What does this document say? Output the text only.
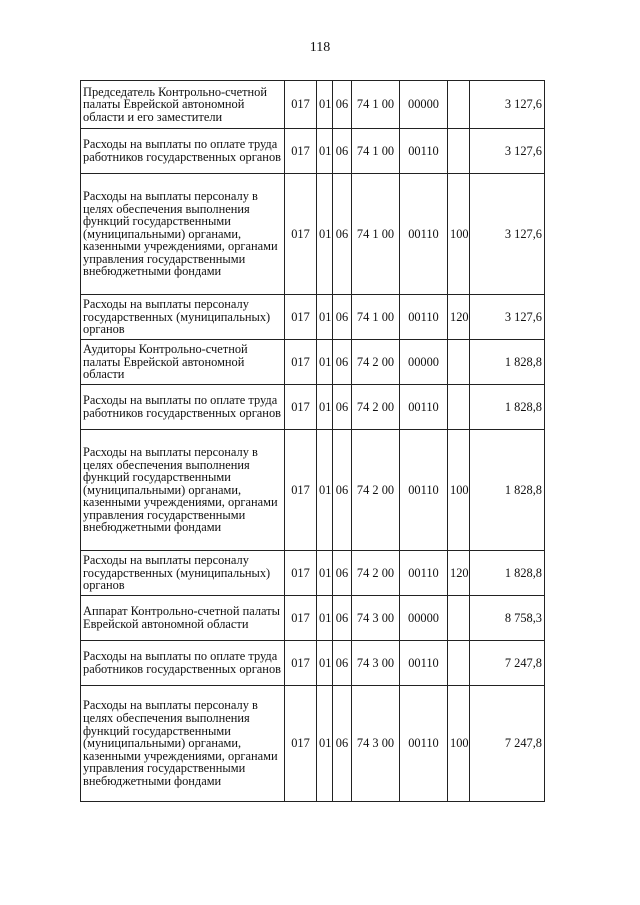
118
Председатель Контрольно-счетной палаты Еврейской автономной области и его заместители	017	01	06	74 1 00	00000		3 127,6
Расходы на выплаты по оплате труда работников государственных органов	017	01	06	74 1 00	00110		3 127,6
Расходы на выплаты персоналу в целях обеспечения выполнения функций государственными (муниципальными) органами, казенными учреждениями, органами управления государственными внебюджетными фондами	017	01	06	74 1 00	00110	100	3 127,6
Расходы на выплаты персоналу государственных (муниципальных) органов	017	01	06	74 1 00	00110	120	3 127,6
Аудиторы Контрольно-счетной палаты Еврейской автономной области	017	01	06	74 2 00	00000		1 828,8
Расходы на выплаты по оплате труда работников государственных органов	017	01	06	74 2 00	00110		1 828,8
Расходы на выплаты персоналу в целях обеспечения выполнения функций государственными (муниципальными) органами, казенными учреждениями, органами управления государственными внебюджетными фондами	017	01	06	74 2 00	00110	100	1 828,8
Расходы на выплаты персоналу государственных (муниципальных) органов	017	01	06	74 2 00	00110	120	1 828,8
Аппарат Контрольно-счетной палаты Еврейской автономной области	017	01	06	74 3 00	00000		8 758,3
Расходы на выплаты по оплате труда работников государственных органов	017	01	06	74 3 00	00110		7 247,8
Расходы на выплаты персоналу в целях обеспечения выполнения функций государственными (муниципальными) органами, казенными учреждениями, органами управления государственными внебюджетными фондами	017	01	06	74 3 00	00110	100	7 247,8
